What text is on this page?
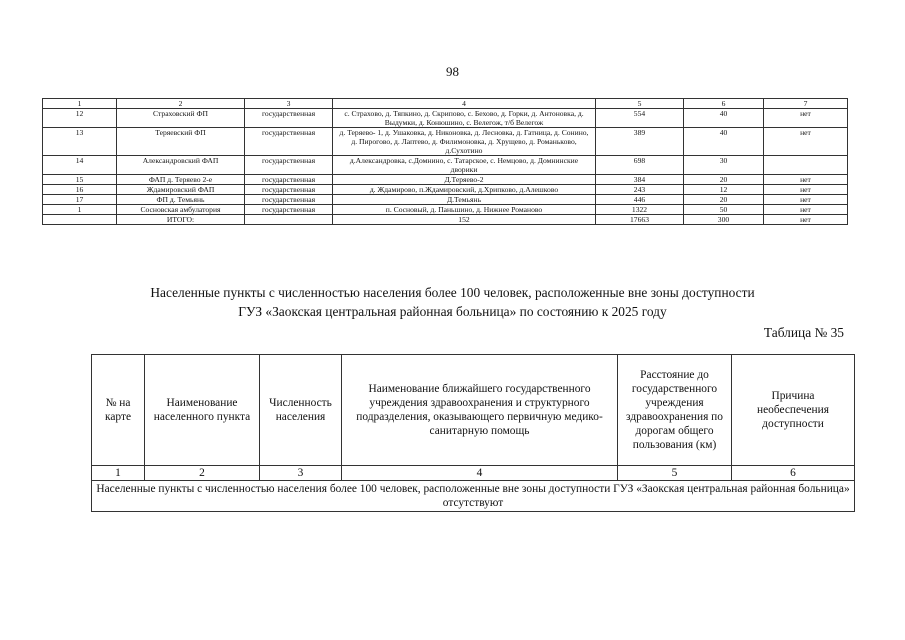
98
1	2	3	4	5	6	7
12	Страховский ФП	государственная	с. Страхово, д. Тяпкино, д. Скрипово, с. Бехово, д. Горки, д. Антоновка, д. Выдумки, д. Конюшино, с. Велегож, т/б Велегож	554	40	нет
13	Теряевский ФП	государственная	д. Теряево- 1, д. Ушаковка, д. Никоновка, д. Лесновка, д. Гатница, д. Сонино, д. Пирогово, д. Лаптево, д. Филимоновка, д. Хрущево, д. Романьково, д.Сухотино	389	40	нет
14	Александровский ФАП	государственная	д.Александровка, с.Домнино, с. Татарское, с. Немцово, д. Домнинские дворики	698	30	
15	ФАП д. Теряево 2-е	государственная	Д.Теряево-2	384	20	нет
16	Ждамировский ФАП	государственная	д. Ждамирово, п.Ждамировский, д.Хрипково, д.Алешково	243	12	нет
17	ФП д. Темьянь	государственная	Д.Темьянь	446	20	нет
1	Сосновская амбулатория	государственная	п. Сосновый, д. Паньшино, д. Нижнее Романово	1322	50	нет
	ИТОГО:		152	17663	300	нет
Населенные пункты с численностью населения более 100 человек, расположенные вне зоны доступности
ГУЗ «Заокская центральная районная больница» по состоянию к 2025 году
Таблица № 35
№ на карте	Наименование населенного пункта	Численность населения	Наименование ближайшего государственного учреждения здравоохранения и структурного подразделения, оказывающего первичную медико-санитарную помощь	Расстояние до государственного учреждения здравоохранения по дорогам общего пользования (км)	Причина необеспечения доступности
1	2	3	4	5	6
Населенные пункты с численностью населения более 100 человек, расположенные вне зоны доступности ГУЗ «Заокская центральная районная больница» отсутствуют					
